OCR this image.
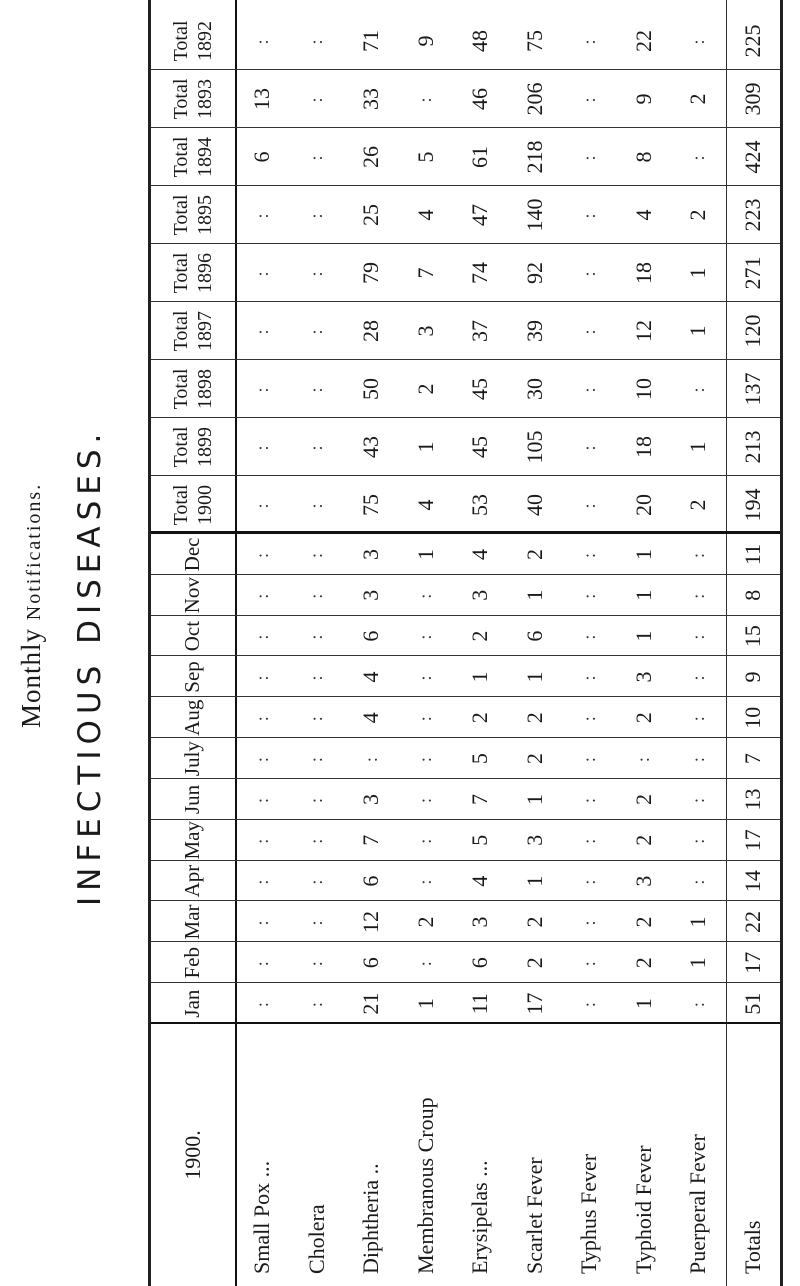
Monthly Notifications.
1900.
Jan
Feb
Mar
Apr
May
Jun
July
Aug
Sep
Oct
Nov
Dec
Total 1900
Total 1899
Total 1898
Total 1897
Total 1896
Total 1895
Total 1894
Total 1893
Total 1892
Small Pox ...
:
:
:
:
:
:
:
:
:
:
:
:
:
:
:
:
:
:
6
13
:
Cholera
:
:
:
:
:
:
:
:
:
:
:
:
:
:
:
:
:
:
:
:
:
Diphtheria ..
21
6
12
6
7
3
:
4
4
6
3
3
75
43
50
28
79
25
26
33
71
Membranous Croup
1
:
2
:
:
:
:
:
:
:
:
1
4
1
2
3
7
4
5
:
9
Erysipelas ...
11
6
3
4
5
7
5
2
1
2
3
4
53
45
45
37
74
47
61
46
48
Scarlet Fever
17
2
2
1
3
1
2
2
1
6
1
2
40
105
30
39
92
140
218
206
75
Typhus Fever
:
:
:
:
:
:
:
:
:
:
:
:
:
:
:
:
:
:
:
:
:
Typhoid Fever
1
2
2
3
2
2
:
2
3
1
1
1
20
18
10
12
18
4
8
9
22
Puerperal Fever
:
1
1
:
:
:
:
:
:
:
:
:
2
1
:
1
1
2
:
2
:
Totals
51
17
22
14
17
13
7
10
9
15
8
11
194
213
137
120
271
223
424
309
225
INFECTIOUS DISEASES.
